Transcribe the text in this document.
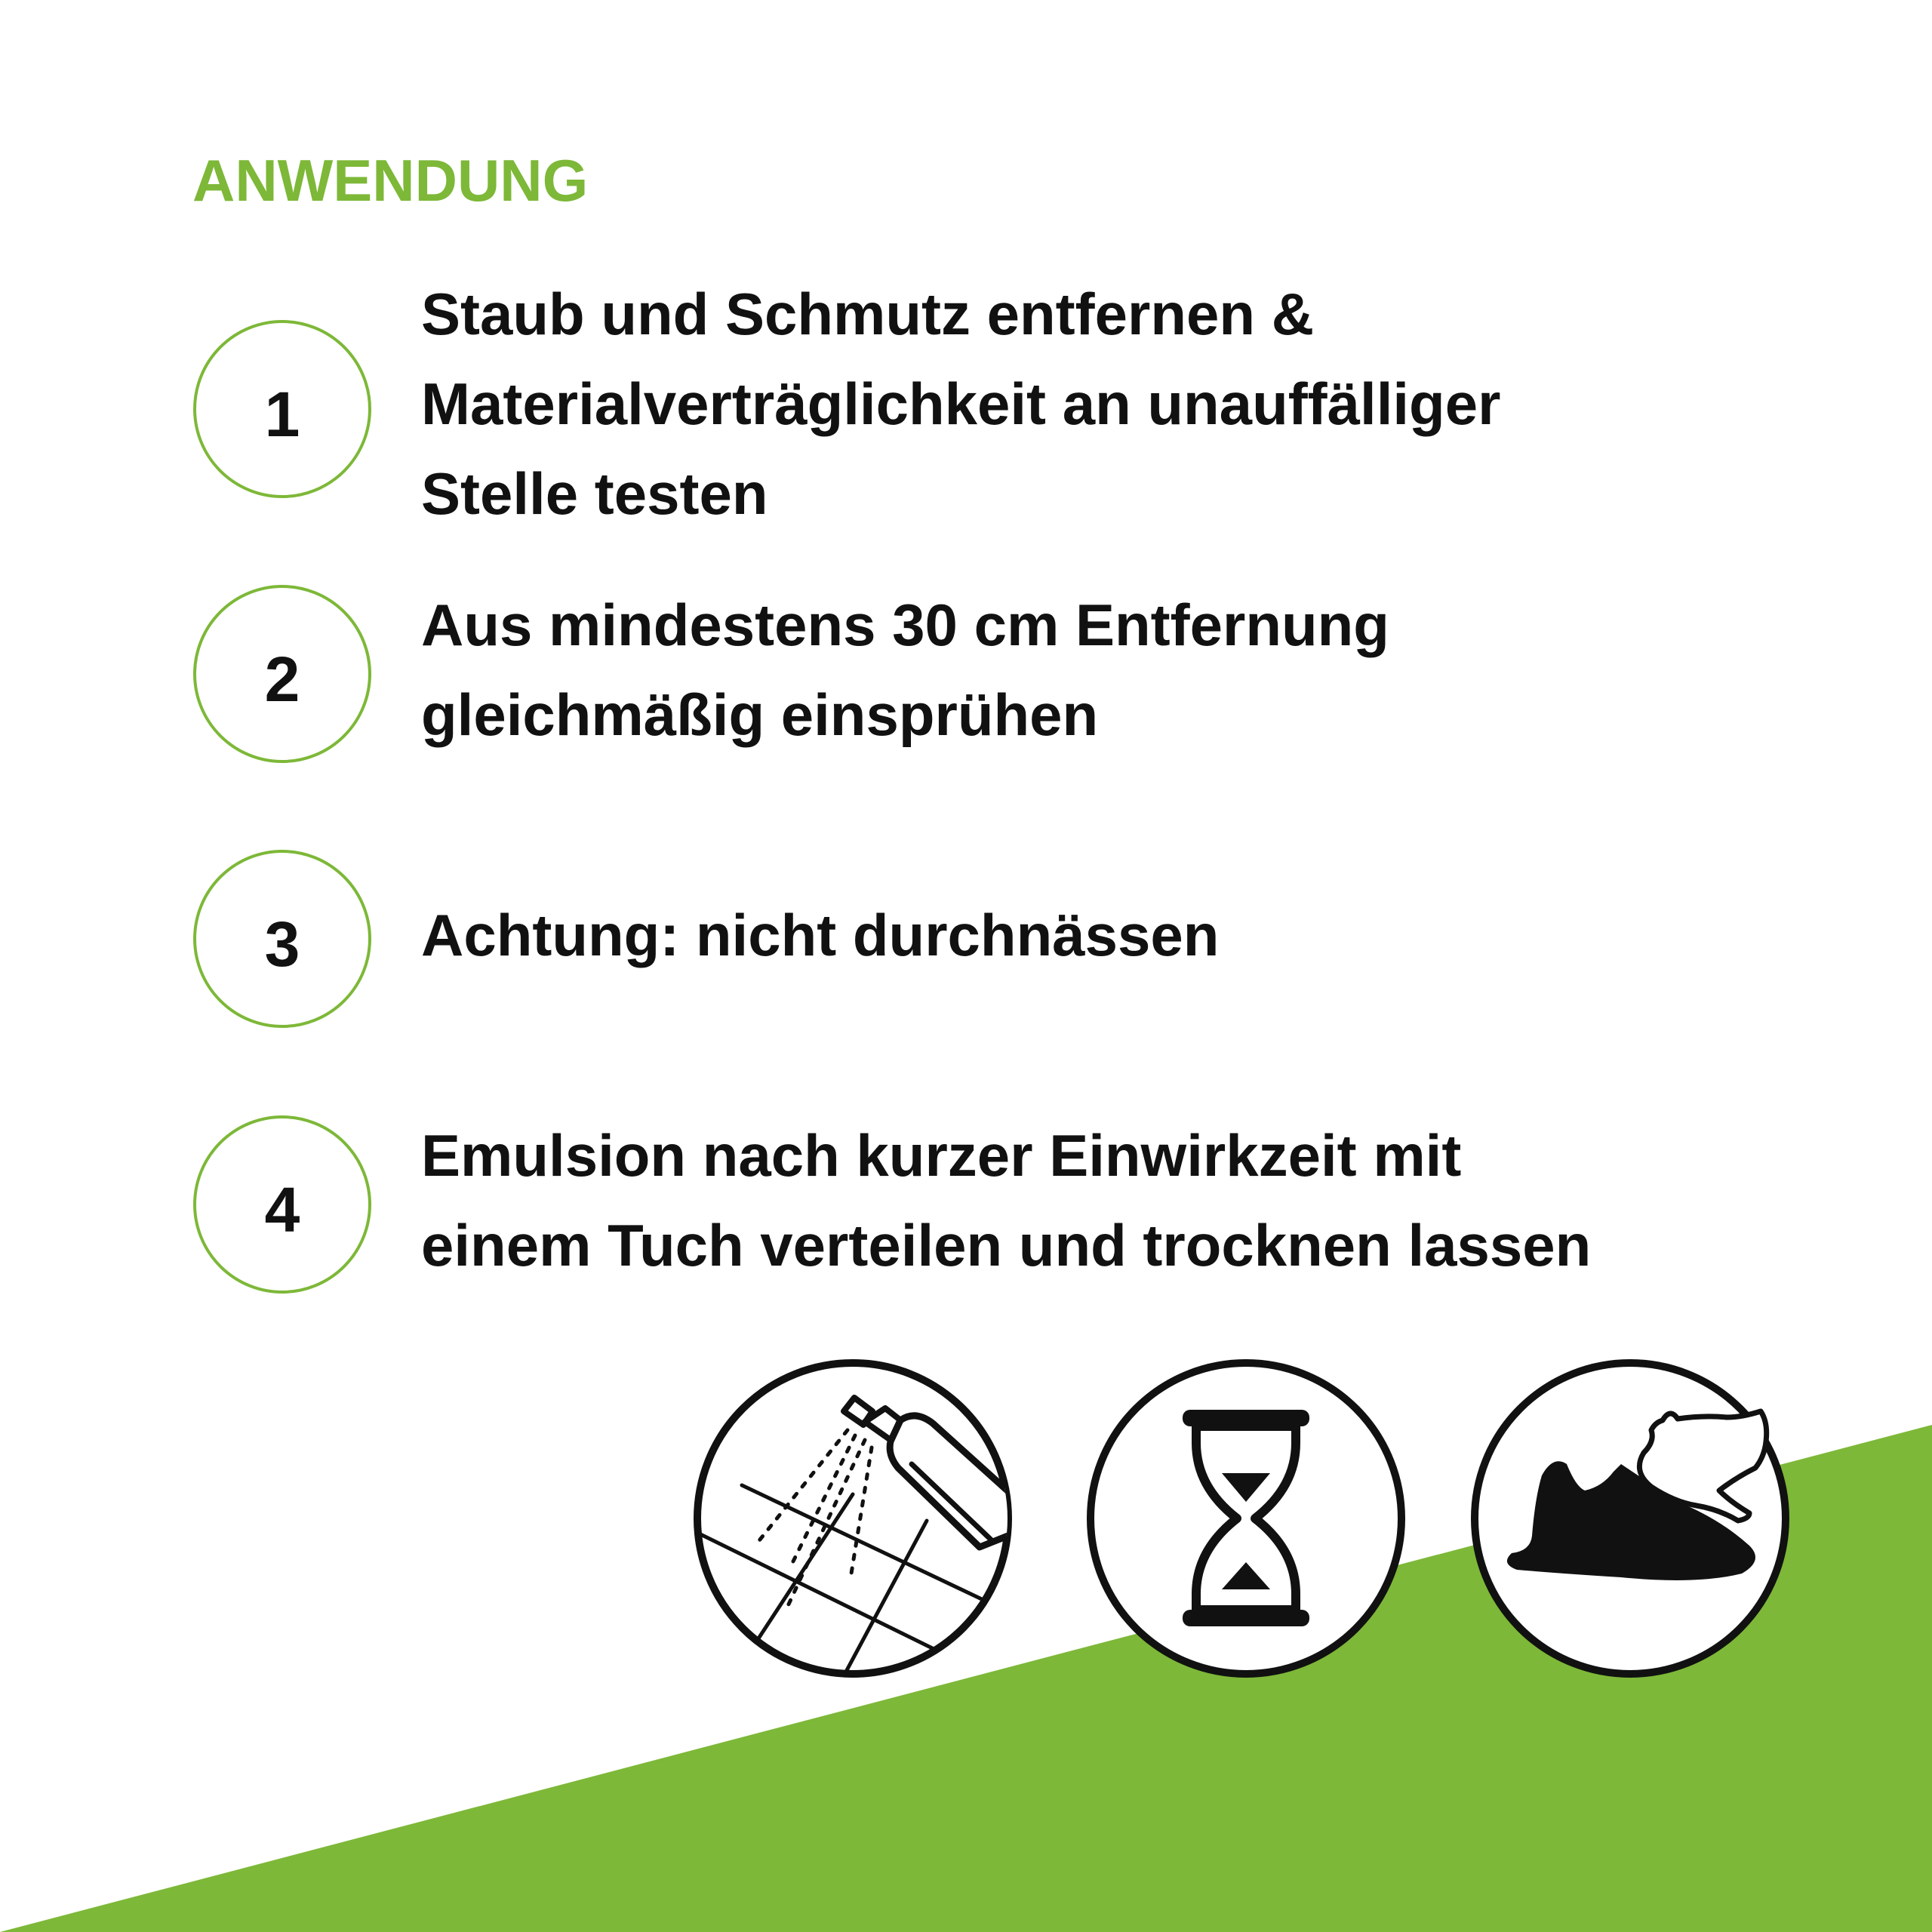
ANWENDUNG
1

Staub und Schmutz entfernen &
Materialverträglichkeit an unauffälliger
Stelle testen

2

Aus mindestens 30 cm Entfernung
gleichmäßig einsprühen

3 Achtung: nicht durchnässen

4

Emulsion nach kurzer Einwirkzeit mit
einem Tuch verteilen und trocknen lassen
